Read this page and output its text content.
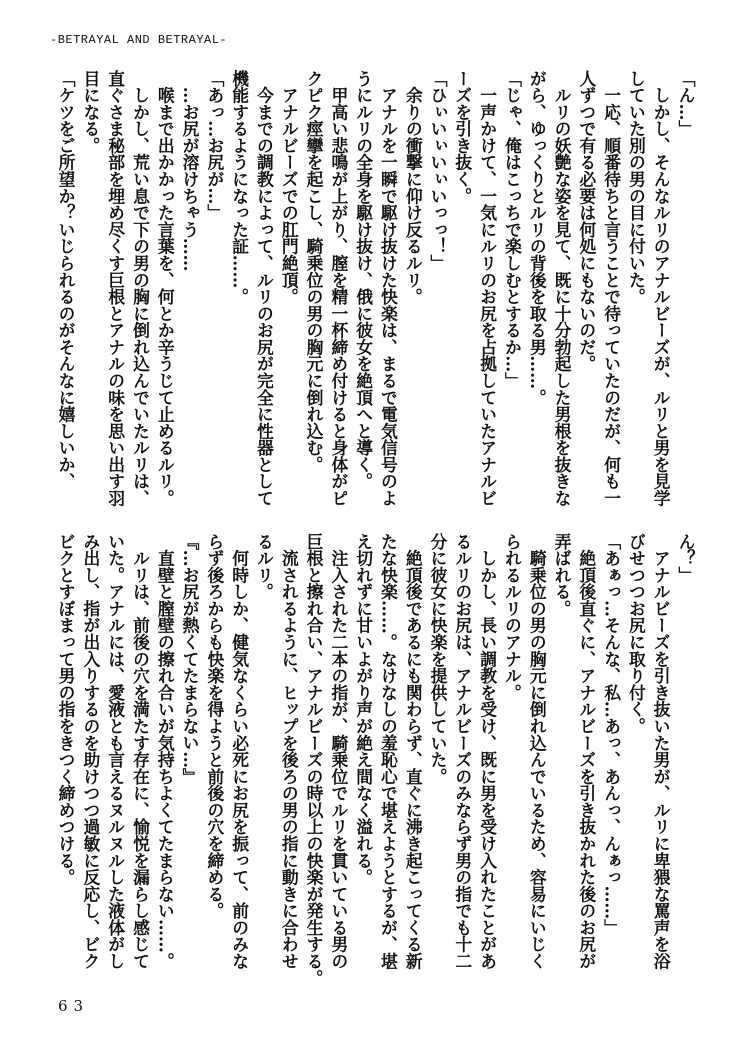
-BETRAYAL AND BETRAYAL-
「ん…」
　しかし、そんなルリのアナルビーズが、ルリと男を見学
していた別の男の目に付いた。
　一応、順番待ちと言うことで待っていたのだが、何も一
人ずつで有る必要は何処にもないのだ。
　ルリの妖艶な姿を見て、既に十分勃起した男根を抜きな
がら、ゆっくりとルリの背後を取る男……。
「じゃ、俺はこっちで楽しむとするか…」
　一声かけて、一気にルリのお尻を占拠していたアナルビ
ーズを引き抜く。
「ひぃいぃいぃいっっ！」
　余りの衝撃に仰け反るルリ。
　アナルを一瞬で駆け抜けた快楽は、まるで電気信号のよ
うにルリの全身を駆け抜け、俄に彼女を絶頂へと導く。
　甲高い悲鳴が上がり、膣を精一杯締め付けると身体がピ
クピク痙攣を起こし、騎乗位の男の胸元に倒れ込む。
　アナルビーズでの肛門絶頂。
　今までの調教によって、ルリのお尻が完全に性器として
機能するようになった証……。
「あっ…お尻が…」
　…お尻が溶けちゃう……
　喉まで出かかった言葉を、何とか辛うじて止めるルリ。
　しかし、荒い息で下の男の胸に倒れ込んでいたルリは、
直ぐさま秘部を埋め尽くす巨根とアナルの味を思い出す羽
目になる。
「ケツをご所望か？いじられるのがそんなに嬉しいか、
ん？」
　アナルビーズを引き抜いた男が、ルリに卑猥な罵声を浴
びせつつお尻に取り付く。
「あぁっ…そんな、私…あっ、あんっ、んぁっ……」
　絶頂後直ぐに、アナルビーズを引き抜かれた後のお尻が
弄ばれる。
　騎乗位の男の胸元に倒れ込んでいるため、容易にいじく
られるルリのアナル。
　しかし、長い調教を受け、既に男を受け入れたことがあ
るルリのお尻は、アナルビーズのみならず男の指でも十二
分に彼女に快楽を提供していた。
　絶頂後であるにも関わらず、直ぐに沸き起こってくる新
たな快楽……。なけなしの羞恥心で堪えようとするが、堪
え切れずに甘いよがり声が絶え間なく溢れる。
　注入された二本の指が、騎乗位でルリを貫いている男の
巨根と擦れ合い、アナルビーズの時以上の快楽が発生する。
　流されるように、ヒップを後ろの男の指に動きに合わせ
るルリ。
　何時しか、健気なくらい必死にお尻を振って、前のみな
らず後ろからも快楽を得ようと前後の穴を締める。
『…お尻が熱くてたまらない…』
　直壁と膣壁の擦れ合いが気持ちよくてたまらない……。
　ルリは、前後の穴を満たす存在に、愉悦を漏らし感じて
いた。アナルには、愛液とも言えるヌルヌルした液体がし
み出し、指が出入りするのを助けつつ過敏に反応し、ビク
ビクとすぼまって男の指をきつく締めつける。
63
